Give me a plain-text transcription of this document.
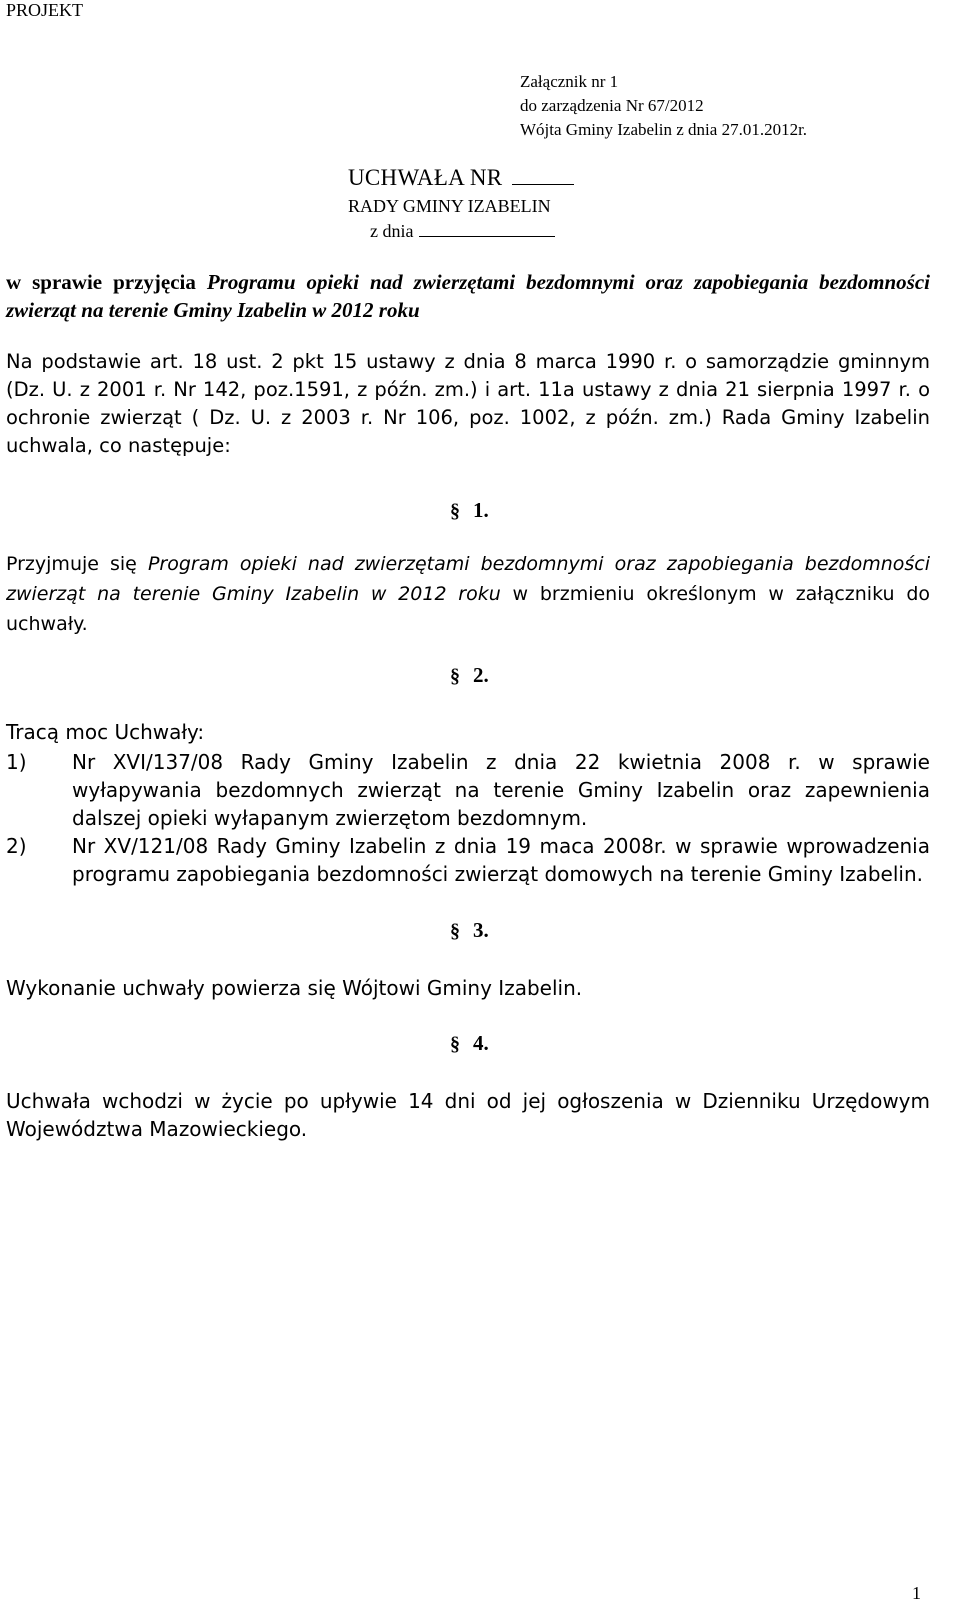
PROJEKT
Załącznik nr 1
do zarządzenia Nr 67/2012
Wójta Gminy Izabelin z dnia 27.01.2012r.
UCHWAŁA NR
RADY GMINY IZABELIN
z dnia
w sprawie przyjęcia Programu opieki nad zwierzętami bezdomnymi oraz zapobiegania bezdomności zwierząt na terenie Gminy Izabelin w 2012 roku
Na podstawie art. 18 ust. 2 pkt 15 ustawy z dnia 8 marca 1990 r. o samorządzie gminnym (Dz. U. z 2001 r. Nr 142, poz.1591, z późn. zm.) i art. 11a ustawy z dnia 21 sierpnia 1997 r. o ochronie zwierząt ( Dz. U. z 2003 r. Nr 106, poz. 1002, z późn. zm.) Rada Gminy Izabelin uchwala, co następuje:
§ 1.
Przyjmuje się Program opieki nad zwierzętami bezdomnymi oraz zapobiegania bezdomności zwierząt na terenie Gminy Izabelin w 2012 roku w brzmieniu określonym w załączniku do uchwały.
§ 2.
Tracą moc Uchwały:
1)	Nr XVI/137/08 Rady Gminy Izabelin z dnia 22 kwietnia 2008 r. w sprawie wyłapywania bezdomnych zwierząt na terenie Gminy Izabelin oraz zapewnienia dalszej opieki wyłapanym zwierzętom bezdomnym.
2)	Nr XV/121/08 Rady Gminy Izabelin z dnia 19 maca 2008r. w sprawie wprowadzenia programu zapobiegania bezdomności zwierząt domowych na terenie Gminy Izabelin.
§ 3.
Wykonanie uchwały powierza się Wójtowi Gminy Izabelin.
§ 4.
Uchwała wchodzi w życie po upływie 14 dni od jej ogłoszenia w Dzienniku Urzędowym Województwa Mazowieckiego.
1
